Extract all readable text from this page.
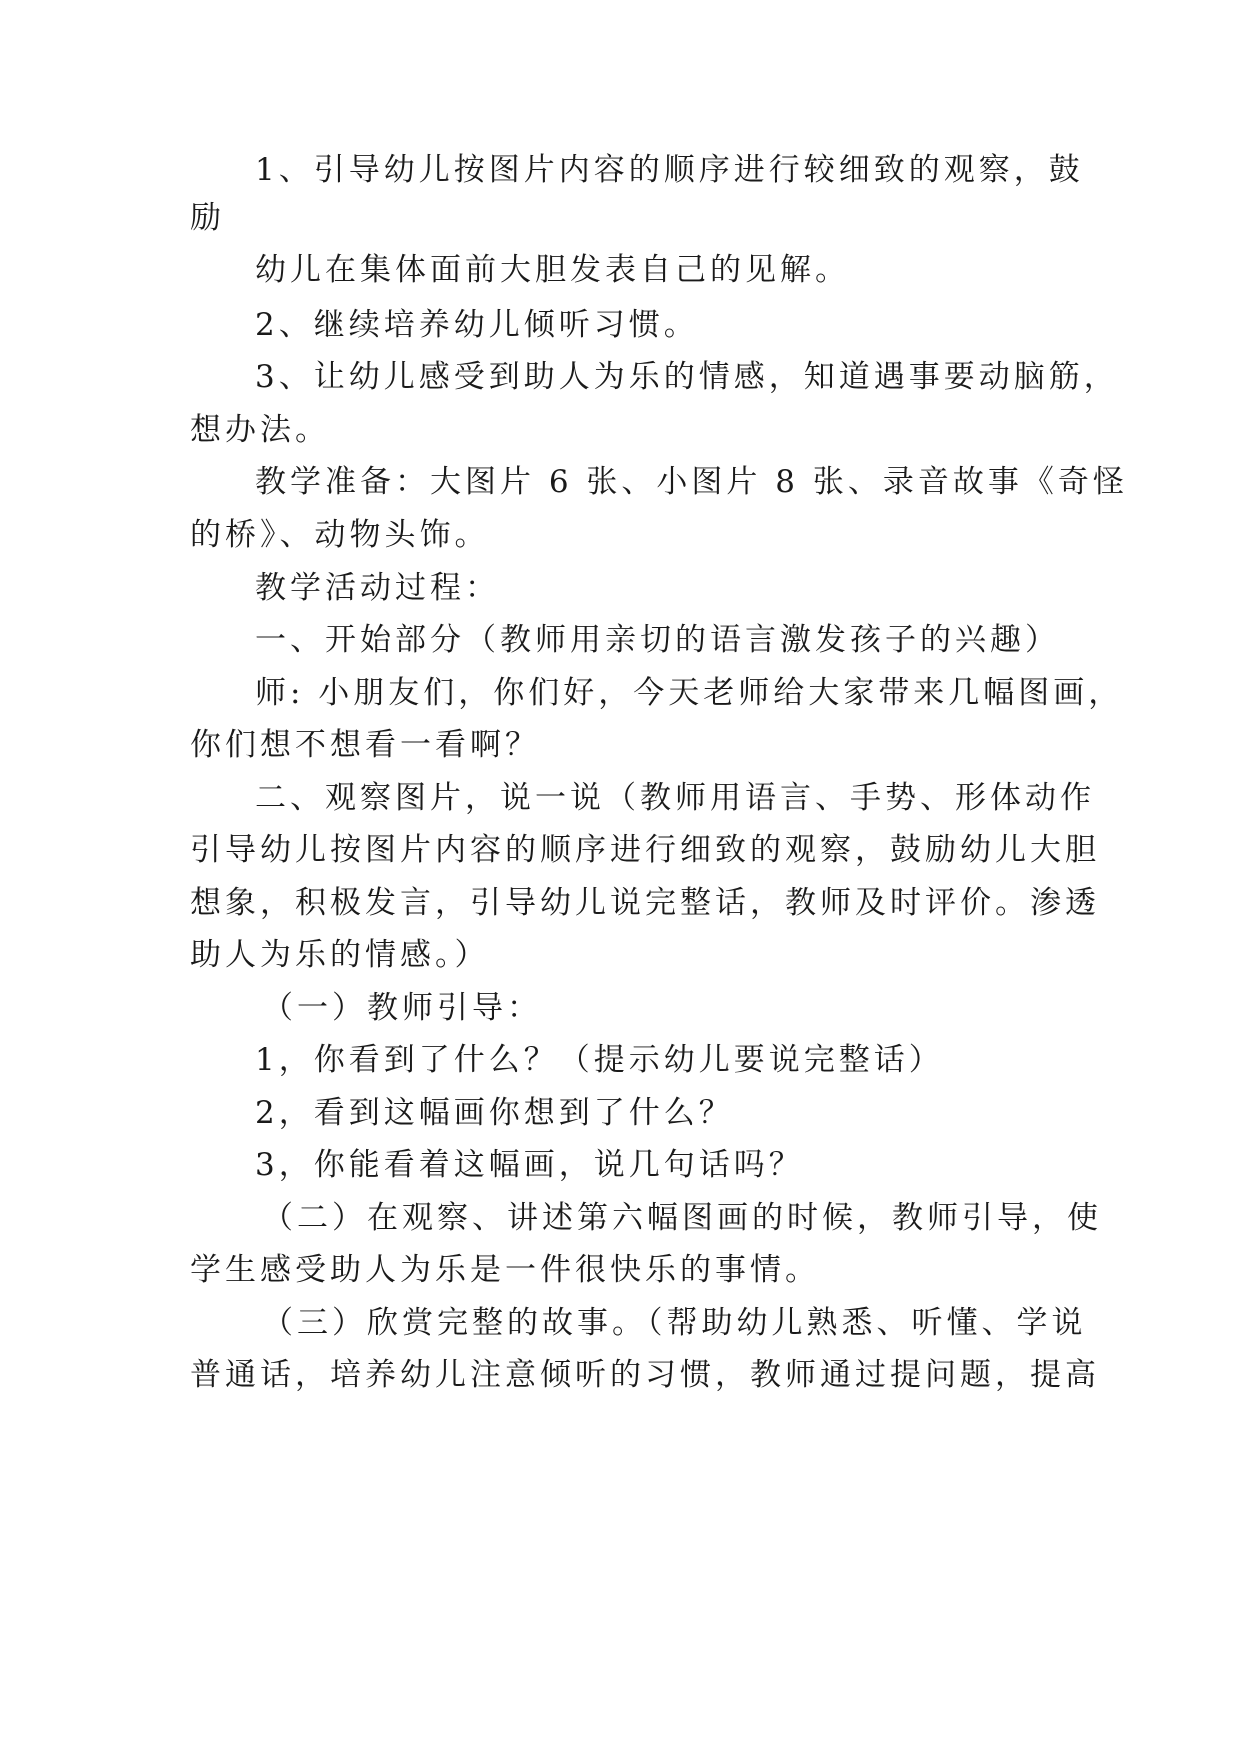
1、引导幼儿按图片内容的顺序进行较细致的观察，鼓
励
幼儿在集体面前大胆发表自己的见解。
2、继续培养幼儿倾听习惯。
3、让幼儿感受到助人为乐的情感，知道遇事要动脑筋，
想办法。
教学准备：大图片 6 张、小图片 8 张、录音故事《奇怪
的桥》、动物头饰。
教学活动过程：
一、开始部分（教师用亲切的语言激发孩子的兴趣）
师: 小朋友们，你们好，今天老师给大家带来几幅图画，
你们想不想看一看啊？
二、观察图片，说一说（教师用语言、手势、形体动作
引导幼儿按图片内容的顺序进行细致的观察，鼓励幼儿大胆
想象，积极发言，引导幼儿说完整话，教师及时评价。渗透
助人为乐的情感。）
（一）教师引导：
1，你看到了什么？（提示幼儿要说完整话）
2，看到这幅画你想到了什么？
3，你能看着这幅画，说几句话吗？
（二）在观察、讲述第六幅图画的时候，教师引导，使
学生感受助人为乐是一件很快乐的事情。
（三）欣赏完整的故事。（帮助幼儿熟悉、听懂、学说
普通话，培养幼儿注意倾听的习惯，教师通过提问题，提高
